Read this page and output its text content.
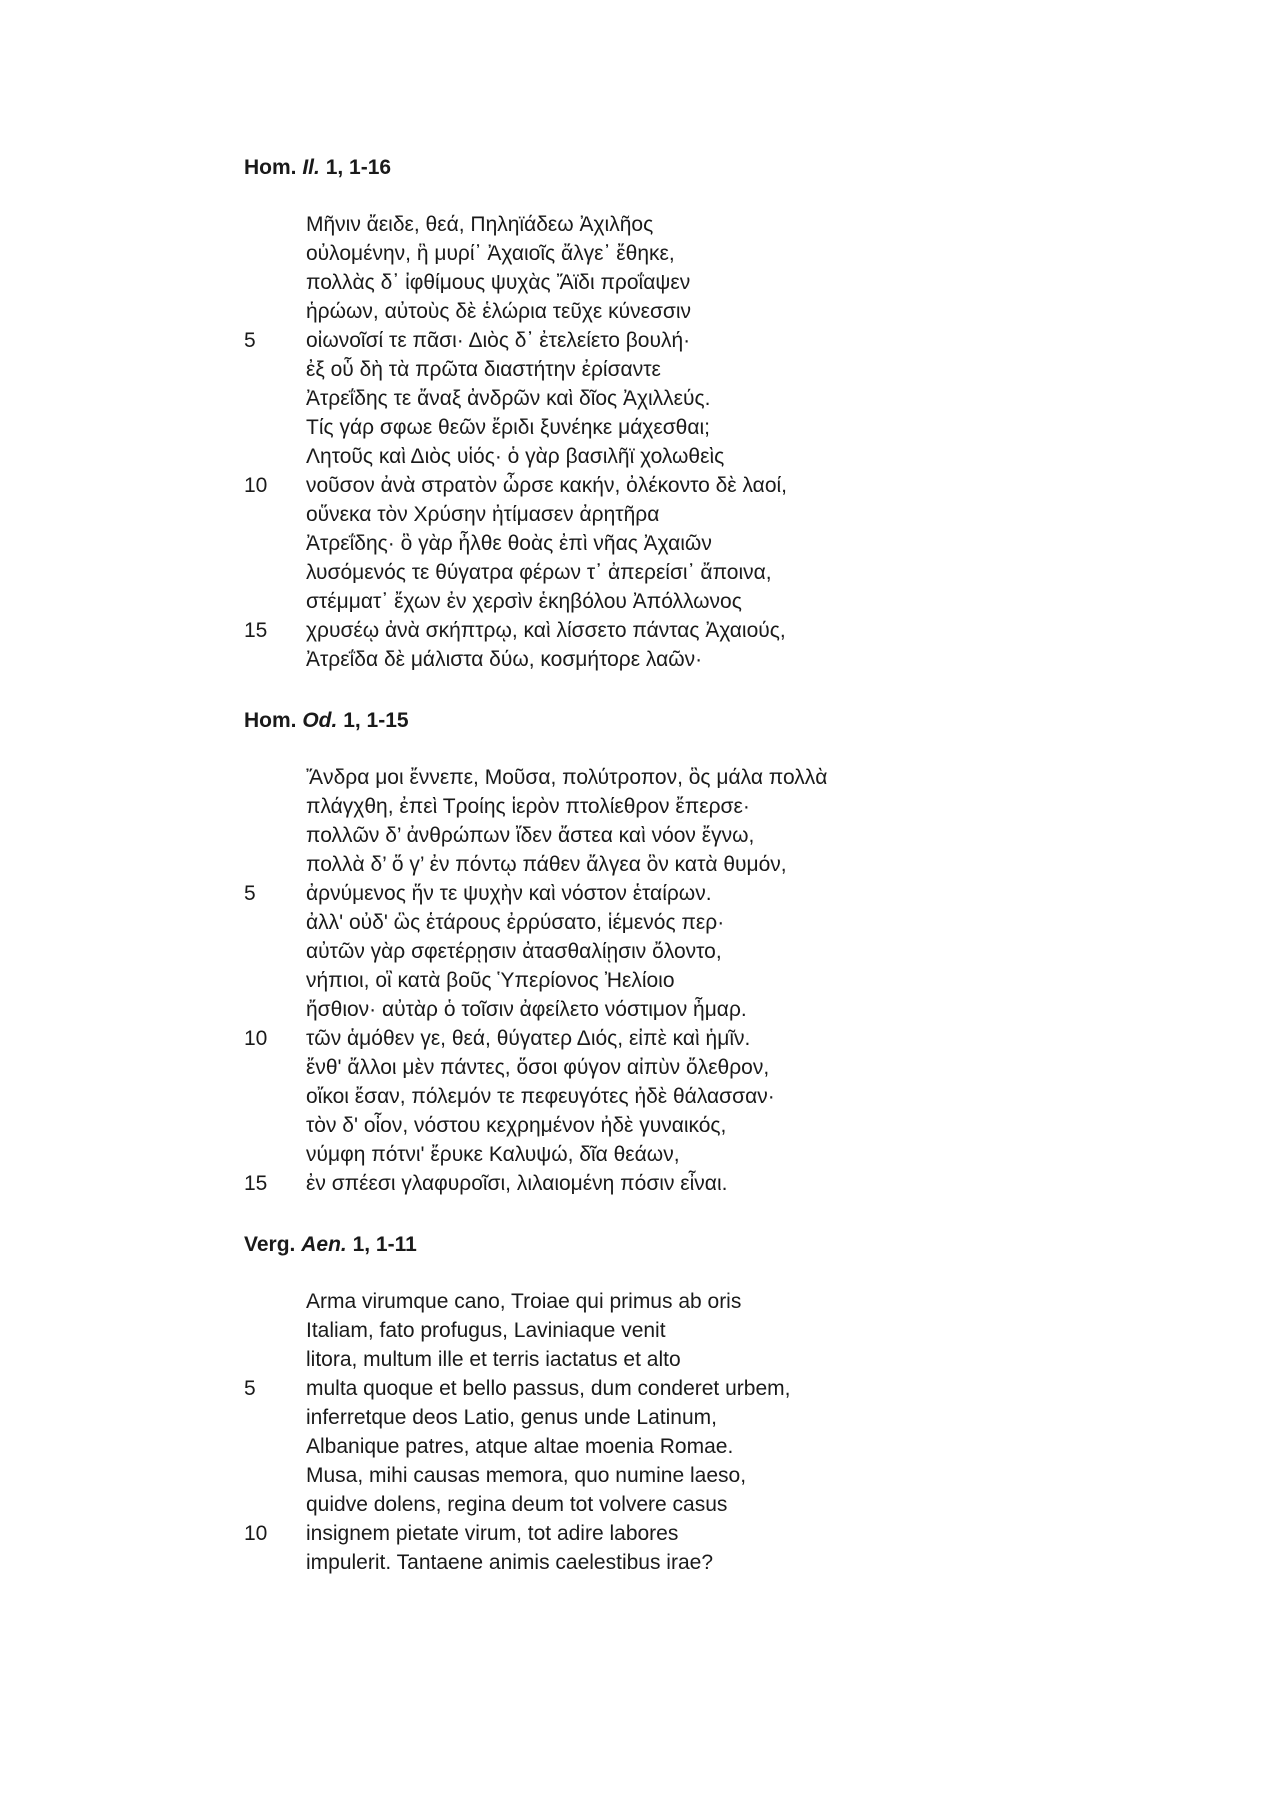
Hom. Il. 1, 1-16
Μῆνιν ἄειδε, θεά, Πηληϊάδεω Ἀχιλῆος
οὐλομένην, ἣ μυρί᾽ Ἀχαιοῖς ἄλγε᾽ ἔθηκε,
πολλὰς δ᾽ ἰφθίμους ψυχὰς Ἄϊδι προΐαψεν
ἡρώων, αὐτοὺς δὲ ἑλώρια τεῦχε κύνεσσιν
5	οἰωνοῖσί τε πᾶσι· Διὸς δ᾽ ἐτελείετο βουλή·
ἐξ οὗ δὴ τὰ πρῶτα διαστήτην ἐρίσαντε
Ἀτρεΐδης τε ἄναξ ἀνδρῶν καὶ δῖος Ἀχιλλεύς.
Τίς γάρ σφωε θεῶν ἔριδι ξυνέηκε μάχεσθαι;
Λητοῦς καὶ Διὸς υἱός· ὁ γὰρ βασιλῆϊ χολωθεὶς
10	νοῦσον ἀνὰ στρατὸν ὦρσε κακήν, ὀλέκοντο δὲ λαοί,
οὕνεκα τὸν Χρύσην ἠτίμασεν ἀρητῆρα
Ἀτρεΐδης· ὃ γὰρ ἦλθε θοὰς ἐπὶ νῆας Ἀχαιῶν
λυσόμενός τε θύγατρα φέρων τ᾽ ἀπερείσι᾽ ἄποινα,
στέμματ᾽ ἔχων ἐν χερσὶν ἑκηβόλου Ἀπόλλωνος
15	χρυσέῳ ἀνὰ σκήπτρῳ, καὶ λίσσετο πάντας Ἀχαιούς,
Ἀτρεΐδα δὲ μάλιστα δύω, κοσμήτορε λαῶν·
Hom. Od. 1, 1-15
Ἄνδρα μοι ἔννεπε, Μοῦσα, πολύτροπον, ὃς μάλα πολλὰ
πλάγχθη, ἐπεὶ Τροίης ἱερὸν πτολίεθρον ἔπερσε·
πολλῶν δ’ ἀνθρώπων ἴδεν ἄστεα καὶ νόον ἔγνω,
πολλὰ δ’ ὅ γ’ ἐν πόντῳ πάθεν ἄλγεα ὃν κατὰ θυμόν,
5	ἀρνύμενος ἥν τε ψυχὴν καὶ νόστον ἑταίρων.
ἀλλ' οὐδ' ὣς ἑτάρους ἐρρύσατο, ἱέμενός περ·
αὐτῶν γὰρ σφετέρῃσιν ἀτασθαλίῃσιν ὄλοντο,
νήπιοι, οἳ κατὰ βοῦς Ὑπερίονος Ἠελίοιο
ἤσθιον· αὐτὰρ ὁ τοῖσιν ἀφείλετο νόστιμον ἦμαρ.
10	τῶν ἁμόθεν γε, θεά, θύγατερ Διός, εἰπὲ καὶ ἡμῖν.
ἔνθ' ἄλλοι μὲν πάντες, ὅσοι φύγον αἰπὺν ὄλεθρον,
οἴκοι ἔσαν, πόλεμόν τε πεφευγότες ἠδὲ θάλασσαν·
τὸν δ' οἶον, νόστου κεχρημένον ἠδὲ γυναικός,
νύμφη πότνι' ἔρυκε Καλυψώ, δῖα θεάων,
15	ἐν σπέεσι γλαφυροῖσι, λιλαιομένη πόσιν εἶναι.
Verg. Aen. 1, 1-11
Arma virumque cano, Troiae qui primus ab oris
Italiam, fato profugus, Laviniaque venit
litora, multum ille et terris iactatus et alto
5	multa quoque et bello passus, dum conderet urbem,
inferretque deos Latio, genus unde Latinum,
Albanique patres, atque altae moenia Romae.
Musa, mihi causas memora, quo numine laeso,
quidve dolens, regina deum tot volvere casus
10	insignem pietate virum, tot adire labores
impulerit. Tantaene animis caelestibus irae?
